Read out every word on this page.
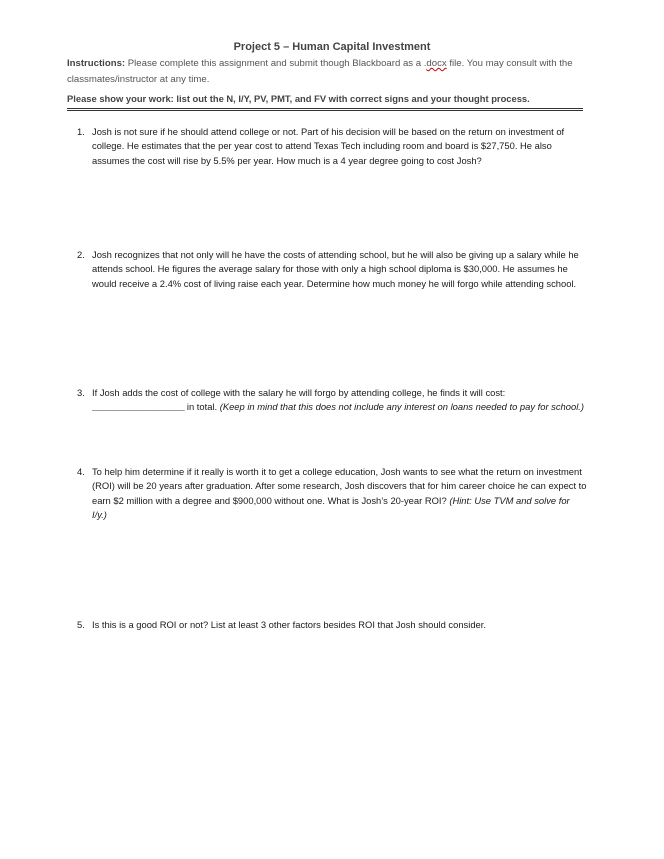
Project 5 – Human Capital Investment
Instructions: Please complete this assignment and submit though Blackboard as a .docx file. You may consult with the classmates/instructor at any time.
Please show your work: list out the N, I/Y, PV, PMT, and FV with correct signs and your thought process.
1. Josh is not sure if he should attend college or not. Part of his decision will be based on the return on investment of college. He estimates that the per year cost to attend Texas Tech including room and board is $27,750. He also assumes the cost will rise by 5.5% per year. How much is a 4 year degree going to cost Josh?
2. Josh recognizes that not only will he have the costs of attending school, but he will also be giving up a salary while he attends school. He figures the average salary for those with only a high school diploma is $30,000. He assumes he would receive a 2.4% cost of living raise each year. Determine how much money he will forgo while attending school.
3. If Josh adds the cost of college with the salary he will forgo by attending college, he finds it will cost: __________________ in total. (Keep in mind that this does not include any interest on loans needed to pay for school.)
4. To help him determine if it really is worth it to get a college education, Josh wants to see what the return on investment (ROI) will be 20 years after graduation. After some research, Josh discovers that for him career choice he can expect to earn $2 million with a degree and $900,000 without one. What is Josh’s 20-year ROI? (Hint: Use TVM and solve for I/y.)
5. Is this is a good ROI or not? List at least 3 other factors besides ROI that Josh should consider.
